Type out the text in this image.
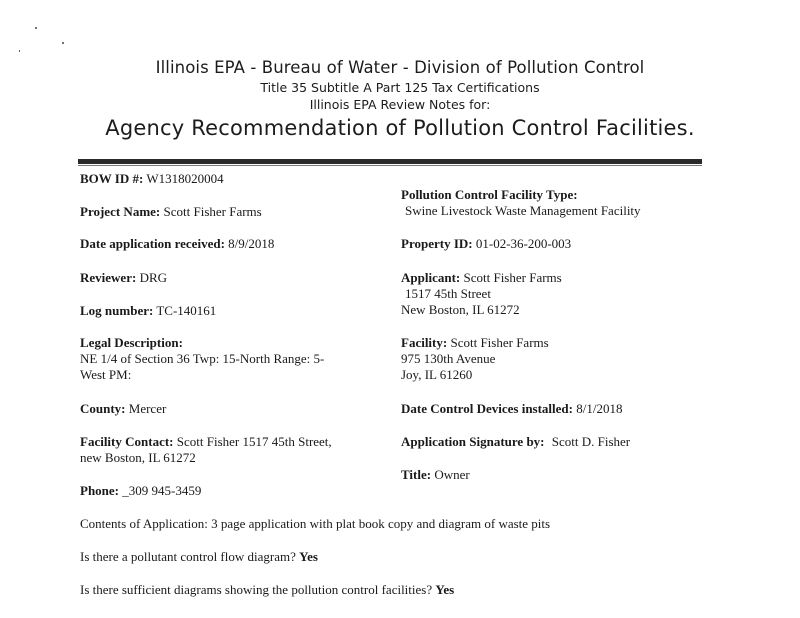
Illinois EPA - Bureau of Water - Division of Pollution Control
Title 35 Subtitle A Part 125 Tax Certifications
Illinois EPA Review Notes for:
Agency Recommendation of Pollution Control Facilities.
BOW ID #: W1318020004
Project Name: Scott Fisher Farms
Date application received: 8/9/2018
Reviewer: DRG
Log number: TC-140161
Legal Description:
NE 1/4 of Section 36 Twp: 15-North Range: 5-
West PM:
County: Mercer
Facility Contact: Scott Fisher 1517 45th Street,
new Boston, IL 61272
Phone: _309 945-3459
Pollution Control Facility Type:
Swine Livestock Waste Management Facility
Property ID: 01-02-36-200-003
Applicant: Scott Fisher Farms
1517 45th Street
New Boston, IL 61272
Facility: Scott Fisher Farms
975 130th Avenue
Joy, IL 61260
Date Control Devices installed: 8/1/2018
Application Signature by: Scott D. Fisher
Title: Owner
Contents of Application: 3 page application with plat book copy and diagram of waste pits
Is there a pollutant control flow diagram? Yes
Is there sufficient diagrams showing the pollution control facilities? Yes
